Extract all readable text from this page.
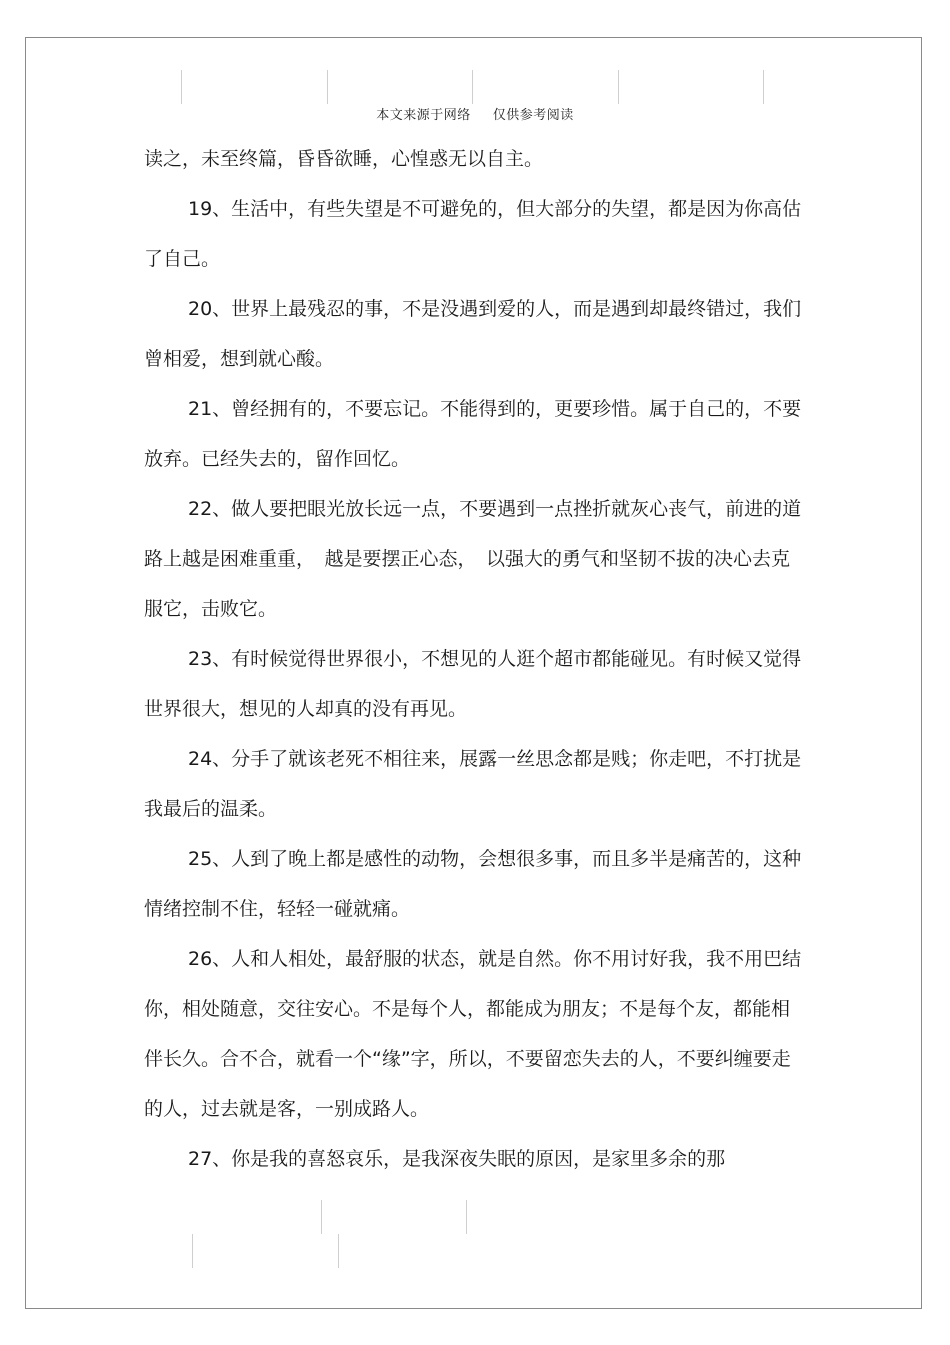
本文来源于网络 仅供参考阅读

读之，未至终篇，昏昏欲睡，心惶惑无以自主。

19、生活中，有些失望是不可避免的，但大部分的失望，都是因为你高估了自己。

20、世界上最残忍的事，不是没遇到爱的人，而是遇到却最终错过，我们曾相爱，想到就心酸。

21、曾经拥有的，不要忘记。不能得到的，更要珍惜。属于自己的，不要放弃。已经失去的，留作回忆。

22、做人要把眼光放长远一点，不要遇到一点挫折就灰心丧气，前进的道路上越是困难重重，　越是要摆正心态，　以强大的勇气和坚韧不拔的决心去克服它，击败它。

23、有时候觉得世界很小，不想见的人逛个超市都能碰见。有时候又觉得世界很大，想见的人却真的没有再见。

24、分手了就该老死不相往来，展露一丝思念都是贱；你走吧，不打扰是我最后的温柔。

25、人到了晚上都是感性的动物，会想很多事，而且多半是痛苦的，这种情绪控制不住，轻轻一碰就痛。

26、人和人相处，最舒服的状态，就是自然。你不用讨好我，我不用巴结你，相处随意，交往安心。不是每个人，都能成为朋友；不是每个友，都能相伴长久。合不合，就看一个“缘”字，所以，不要留恋失去的人，不要纠缠要走的人，过去就是客，一别成路人。

27、你是我的喜怒哀乐，是我深夜失眠的原因，是家里多余的那
